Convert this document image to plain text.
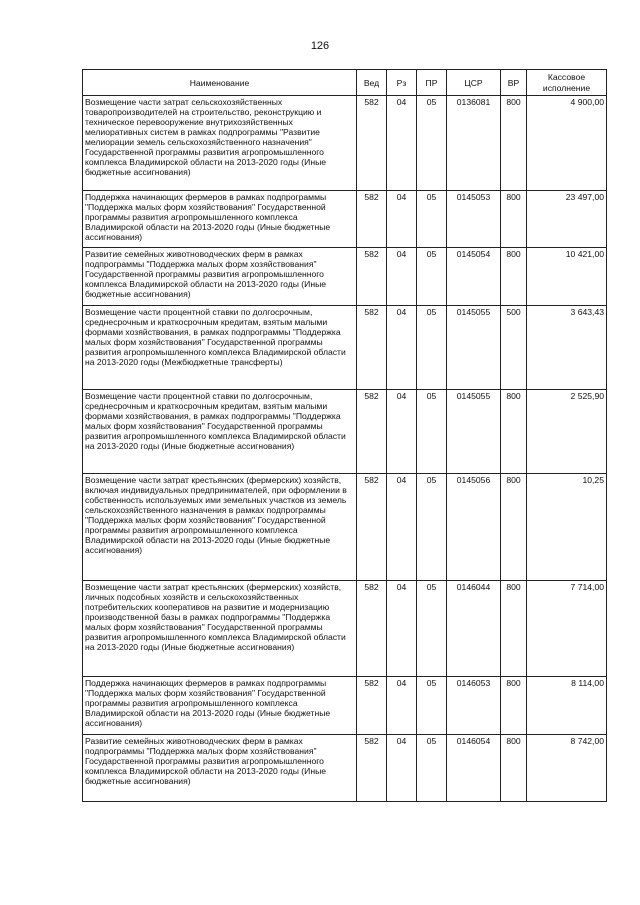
126
Наименование	Вед	Рз	ПР	ЦСР	ВР	Кассовое исполнение
Возмещение части затрат сельскохозяйственных товаропроизводителей на строительство, реконструкцию и техническое перевооружение внутрихозяйственных мелиоративных систем в рамках подпрограммы "Развитие мелиорации земель сельскохозяйственного назначения" Государственной программы развития агропромышленного комплекса Владимирской области на 2013-2020 годы (Иные бюджетные ассигнования)	582	04	05	0136081	800	4 900,00
Поддержка начинающих фермеров в рамках подпрограммы "Поддержка малых форм хозяйствования" Государственной программы развития агропромышленного комплекса Владимирской области на 2013-2020 годы (Иные бюджетные ассигнования)	582	04	05	0145053	800	23 497,00
Развитие семейных животноводческих ферм в рамках подпрограммы "Поддержка малых форм хозяйствования" Государственной программы развития агропромышленного комплекса Владимирской области на 2013-2020 годы (Иные бюджетные ассигнования)	582	04	05	0145054	800	10 421,00
Возмещение части процентной ставки по долгосрочным, среднесрочным и краткосрочным кредитам, взятым малыми формами хозяйствования, в рамках подпрограммы "Поддержка малых форм хозяйствования" Государственной программы развития агропромышленного комплекса Владимирской области на 2013-2020 годы (Межбюджетные трансферты)	582	04	05	0145055	500	3 643,43
Возмещение части процентной ставки по долгосрочным, среднесрочным и краткосрочным кредитам, взятым малыми формами хозяйствования, в рамках подпрограммы "Поддержка малых форм хозяйствования" Государственной программы развития агропромышленного комплекса Владимирской области на 2013-2020 годы (Иные бюджетные ассигнования)	582	04	05	0145055	800	2 525,90
Возмещение части затрат крестьянских (фермерских) хозяйств, включая индивидуальных предпринимателей, при оформлении в собственность используемых ими земельных участков из земель сельскохозяйственного назначения в рамках подпрограммы "Поддержка малых форм хозяйствования" Государственной программы развития агропромышленного комплекса Владимирской области на 2013-2020 годы (Иные бюджетные ассигнования)	582	04	05	0145056	800	10,25
Возмещение части затрат крестьянских (фермерских) хозяйств, личных подсобных хозяйств и сельскохозяйственных потребительских кооперативов на развитие и модернизацию производственной базы в рамках подпрограммы "Поддержка малых форм хозяйствования" Государственной программы развития агропромышленного комплекса Владимирской области на 2013-2020 годы (Иные бюджетные ассигнования)	582	04	05	0146044	800	7 714,00
Поддержка начинающих фермеров в рамках подпрограммы "Поддержка малых форм хозяйствования" Государственной программы развития агропромышленного комплекса Владимирской области на 2013-2020 годы (Иные бюджетные ассигнования)	582	04	05	0146053	800	8 114,00
Развитие семейных животноводческих ферм в рамках подпрограммы "Поддержка малых форм хозяйствования" Государственной программы развития агропромышленного комплекса Владимирской области на 2013-2020 годы (Иные бюджетные ассигнования)	582	04	05	0146054	800	8 742,00
